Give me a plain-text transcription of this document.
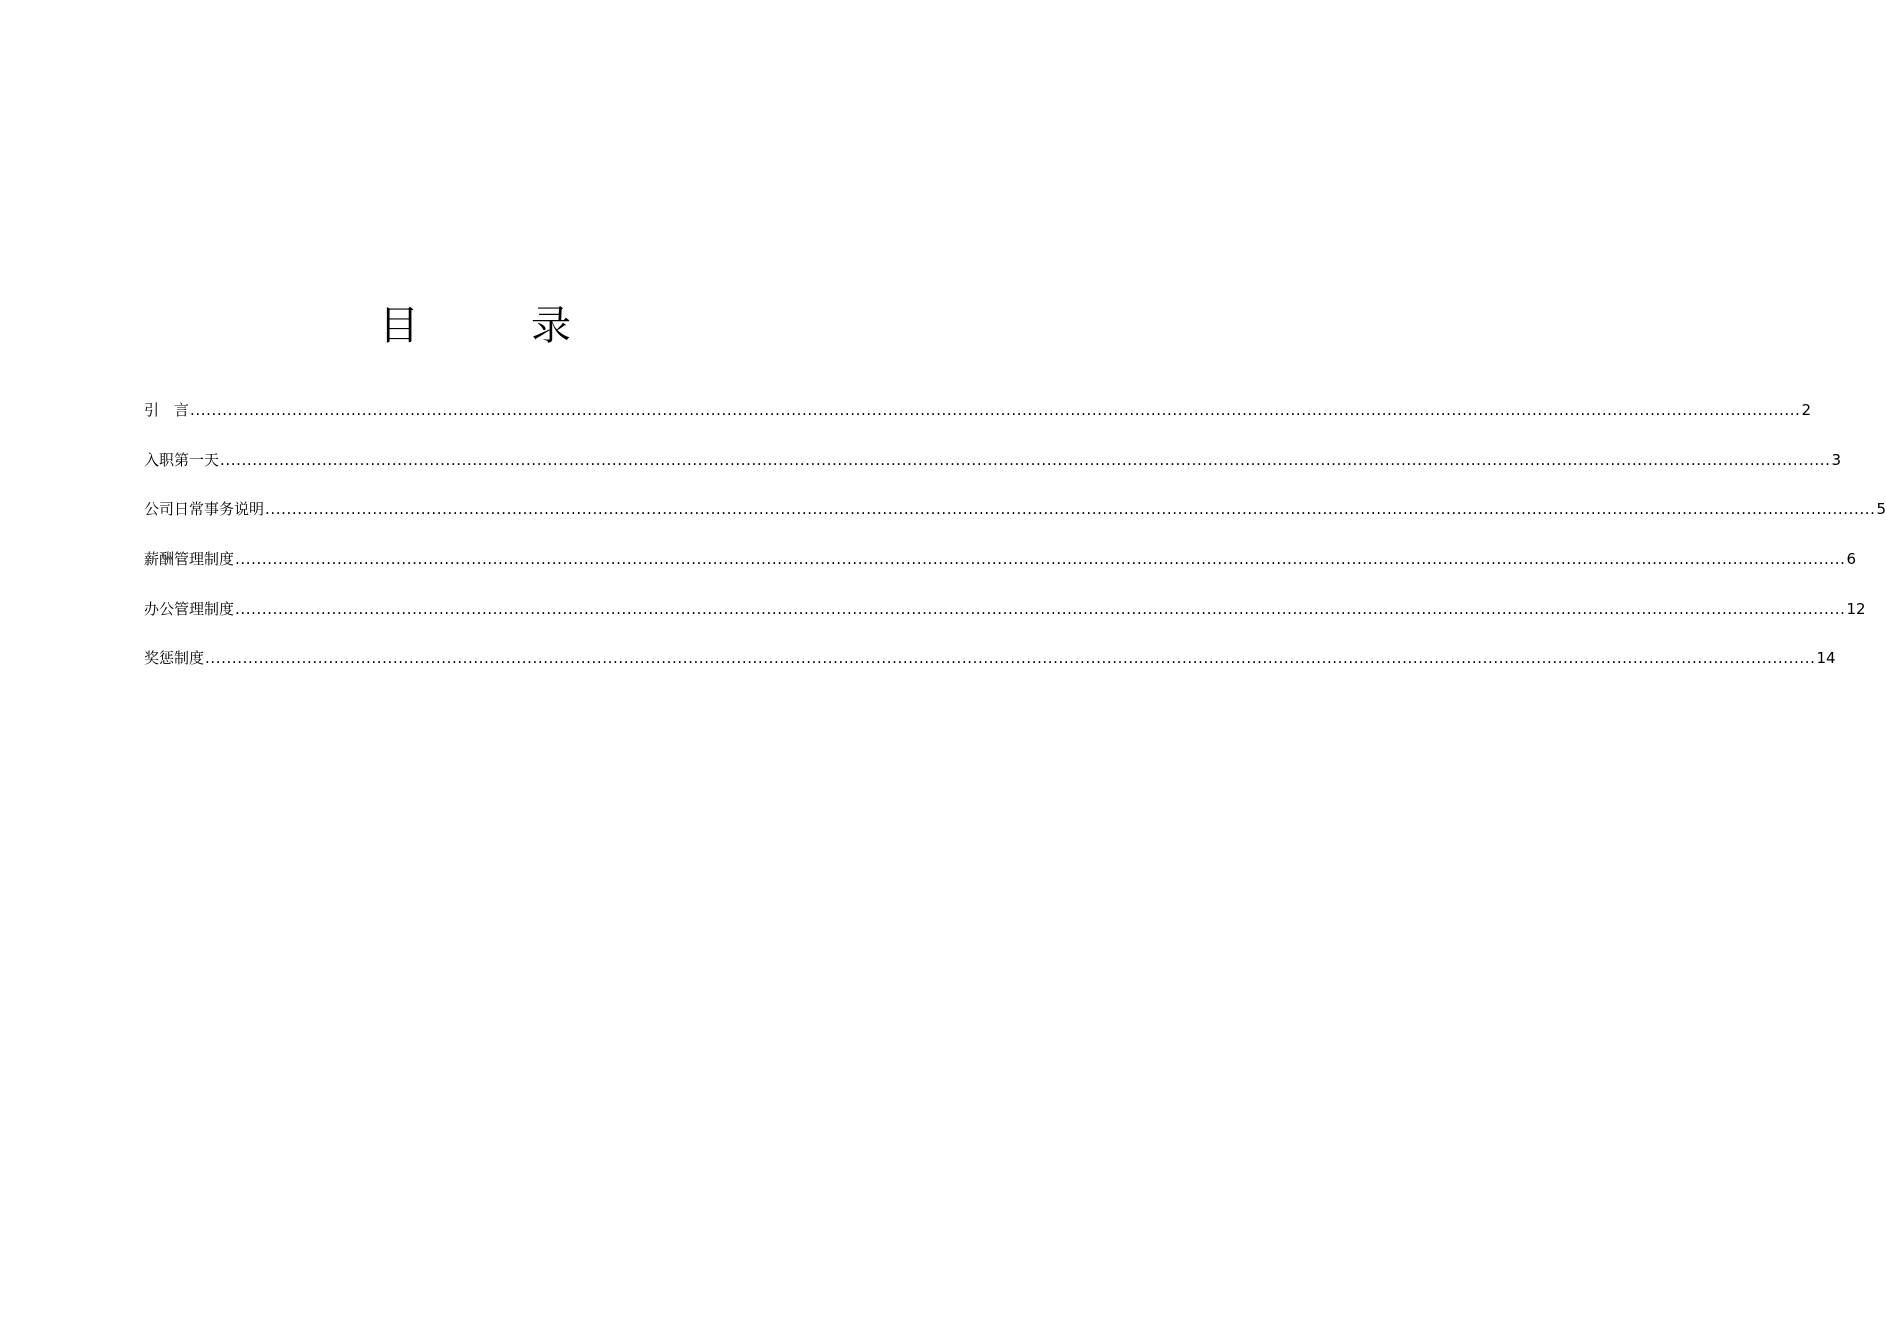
目　录
引　言 ............................................................................................................................................................................................................................................................................................................ 2
入职第一天 ............................................................................................................................................................................................................................................................................................................ 3
公司日常事务说明 ............................................................................................................................................................................................................................................................................................................ 5
薪酬管理制度 ............................................................................................................................................................................................................................................................................................................ 6
办公管理制度 ............................................................................................................................................................................................................................................................................................................ 12
奖惩制度 ............................................................................................................................................................................................................................................................................................................ 14
